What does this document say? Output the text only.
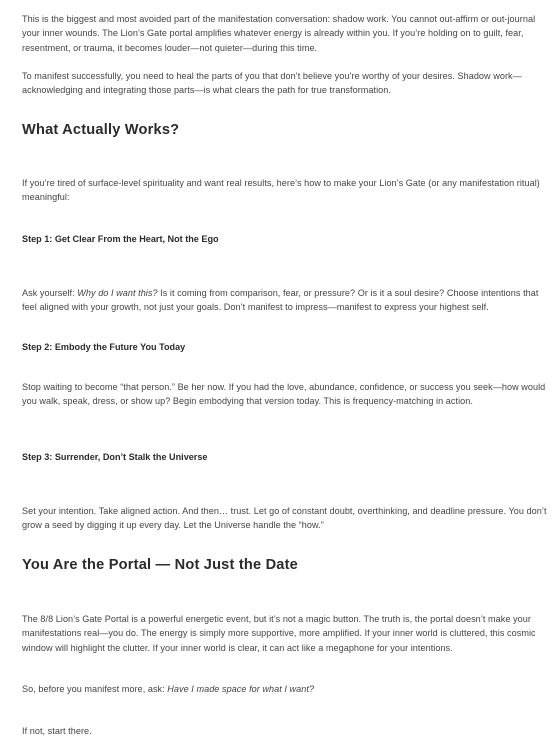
This is the biggest and most avoided part of the manifestation conversation: shadow work. You cannot out-affirm or out-journal your inner wounds. The Lion’s Gate portal amplifies whatever energy is already within you. If you’re holding on to guilt, fear, resentment, or trauma, it becomes louder—not quieter—during this time.

To manifest successfully, you need to heal the parts of you that don’t believe you’re worthy of your desires. Shadow work—acknowledging and integrating those parts—is what clears the path for true transformation.

What Actually Works?

If you’re tired of surface-level spirituality and want real results, here’s how to make your Lion’s Gate (or any manifestation ritual) meaningful:

Step 1: Get Clear From the Heart, Not the Ego

Ask yourself: Why do I want this? Is it coming from comparison, fear, or pressure? Or is it a soul desire? Choose intentions that feel aligned with your growth, not just your goals. Don’t manifest to impress—manifest to express your highest self.

Step 2: Embody the Future You Today

Stop waiting to become “that person.” Be her now. If you had the love, abundance, confidence, or success you seek—how would you walk, speak, dress, or show up? Begin embodying that version today. This is frequency-matching in action.

Step 3: Surrender, Don’t Stalk the Universe

Set your intention. Take aligned action. And then… trust. Let go of constant doubt, overthinking, and deadline pressure. You don’t grow a seed by digging it up every day. Let the Universe handle the “how.”

You Are the Portal — Not Just the Date

The 8/8 Lion’s Gate Portal is a powerful energetic event, but it’s not a magic button. The truth is, the portal doesn’t make your manifestations real—you do. The energy is simply more supportive, more amplified. If your inner world is cluttered, this cosmic window will highlight the clutter. If your inner world is clear, it can act like a megaphone for your intentions.

So, before you manifest more, ask: Have I made space for what I want?

If not, start there.
